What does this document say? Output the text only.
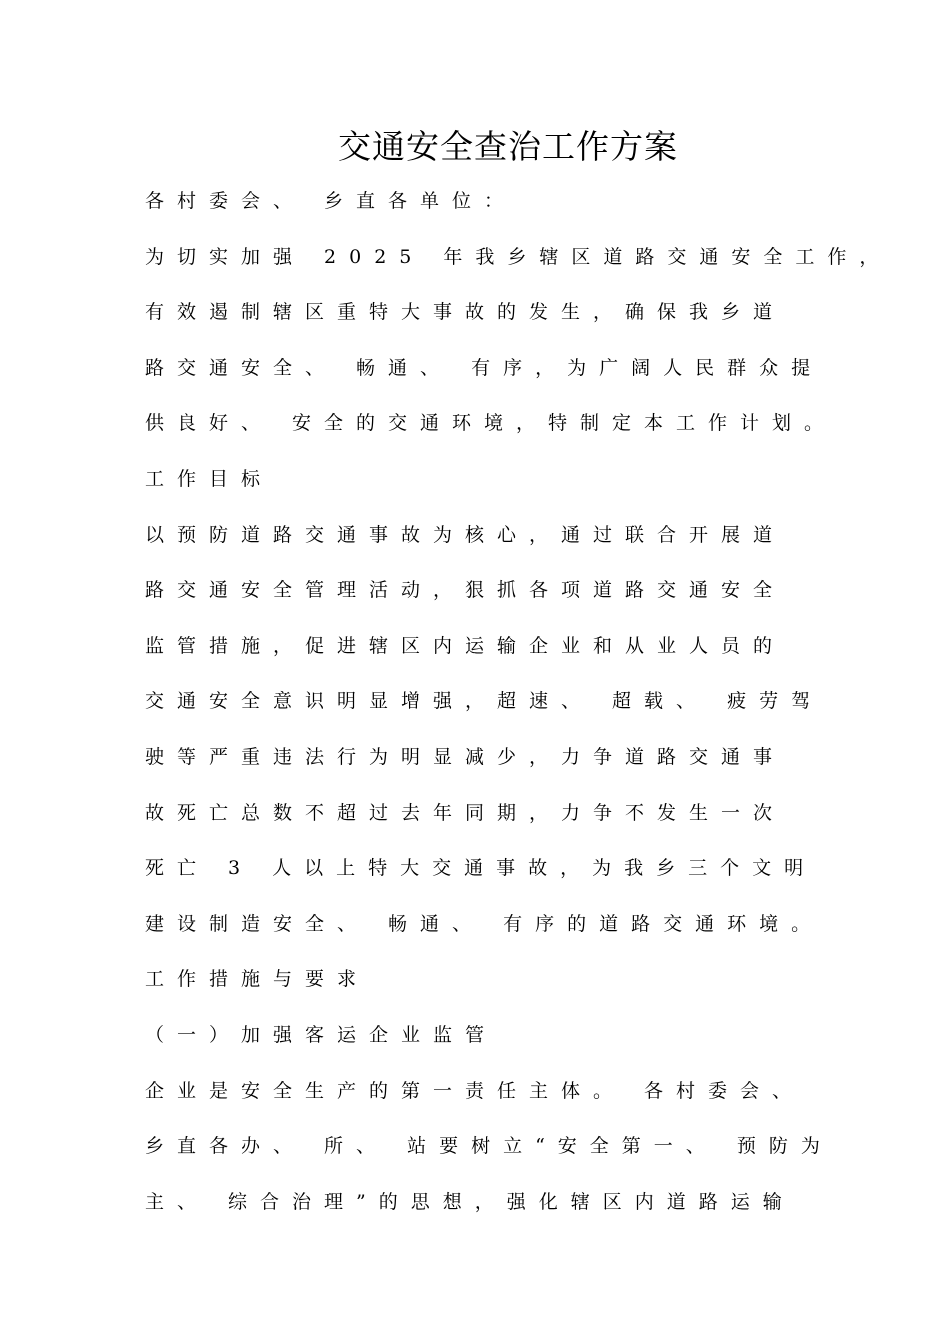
交通安全查治工作方案
各村委会、 乡直各单位：
为切实加强 2025 年我乡辖区道路交通安全工作，
有效遏制辖区重特大事故的发生，确保我乡道
路交通安全、 畅通、 有序，为广阔人民群众提
供良好、 安全的交通环境，特制定本工作计划。
工作目标
以预防道路交通事故为核心，通过联合开展道
路交通安全管理活动，狠抓各项道路交通安全
监管措施，促进辖区内运输企业和从业人员的
交通安全意识明显增强，超速、 超载、 疲劳驾
驶等严重违法行为明显减少，力争道路交通事
故死亡总数不超过去年同期，力争不发生一次
死亡 3 人以上特大交通事故，为我乡三个文明
建设制造安全、 畅通、 有序的道路交通环境。
工作措施与要求
（一）加强客运企业监管
企业是安全生产的第一责任主体。 各村委会、
乡直各办、 所、 站要树立“安全第一、 预防为
主、 综合治理”的思想，强化辖区内道路运输
